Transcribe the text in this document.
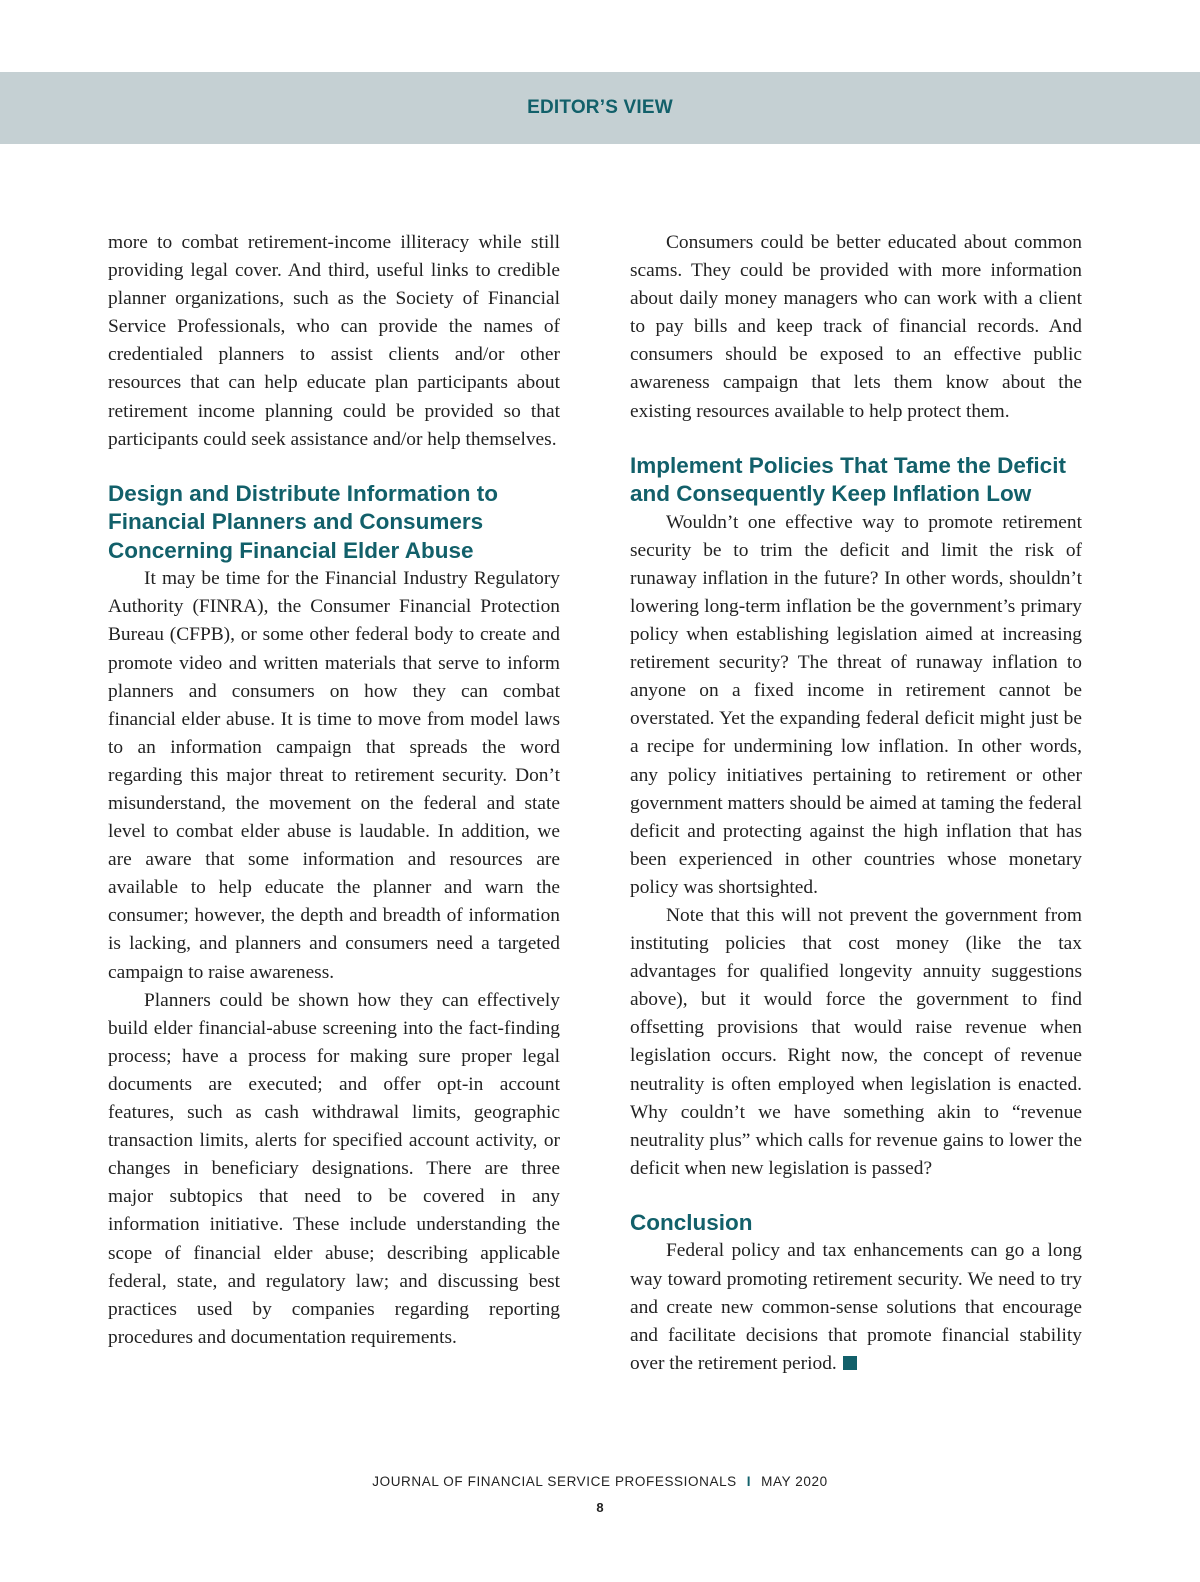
EDITOR’S VIEW

more to combat retirement-income illiteracy while still providing legal cover. And third, useful links to credible planner organizations, such as the Society of Financial Service Professionals, who can provide the names of credentialed planners to assist clients and/or other resources that can help educate plan participants about retirement income planning could be provided so that participants could seek assistance and/or help themselves.

Design and Distribute Information to Financial Planners and Consumers Concerning Financial Elder Abuse

It may be time for the Financial Industry Regulatory Authority (FINRA), the Consumer Financial Protection Bureau (CFPB), or some other federal body to create and promote video and written materials that serve to inform planners and consumers on how they can combat financial elder abuse. It is time to move from model laws to an information campaign that spreads the word regarding this major threat to retirement security. Don’t misunderstand, the movement on the federal and state level to combat elder abuse is laudable. In addition, we are aware that some information and resources are available to help educate the planner and warn the consumer; however, the depth and breadth of information is lacking, and planners and consumers need a targeted campaign to raise awareness.

Planners could be shown how they can effectively build elder financial-abuse screening into the fact-finding process; have a process for making sure proper legal documents are executed; and offer opt-in account features, such as cash withdrawal limits, geographic transaction limits, alerts for specified account activity, or changes in beneficiary designations. There are three major subtopics that need to be covered in any information initiative. These include understanding the scope of financial elder abuse; describing applicable federal, state, and regulatory law; and discussing best practices used by companies regarding reporting procedures and documentation requirements.

Consumers could be better educated about common scams. They could be provided with more information about daily money managers who can work with a client to pay bills and keep track of financial records. And consumers should be exposed to an effective public awareness campaign that lets them know about the existing resources available to help protect them.

Implement Policies That Tame the Deficit and Consequently Keep Inflation Low

Wouldn’t one effective way to promote retirement security be to trim the deficit and limit the risk of runaway inflation in the future? In other words, shouldn’t lowering long-term inflation be the government’s primary policy when establishing legislation aimed at increasing retirement security? The threat of runaway inflation to anyone on a fixed income in retirement cannot be overstated. Yet the expanding federal deficit might just be a recipe for undermining low inflation. In other words, any policy initiatives pertaining to retirement or other government matters should be aimed at taming the federal deficit and protecting against the high inflation that has been experienced in other countries whose monetary policy was shortsighted.

Note that this will not prevent the government from instituting policies that cost money (like the tax advantages for qualified longevity annuity suggestions above), but it would force the government to find offsetting provisions that would raise revenue when legislation occurs. Right now, the concept of revenue neutrality is often employed when legislation is enacted. Why couldn’t we have something akin to “revenue neutrality plus” which calls for revenue gains to lower the deficit when new legislation is passed?

Conclusion

Federal policy and tax enhancements can go a long way toward promoting retirement security. We need to try and create new common-sense solutions that encourage and facilitate decisions that promote financial stability over the retirement period.

JOURNAL OF FINANCIAL SERVICE PROFESSIONALS I MAY 2020
8
